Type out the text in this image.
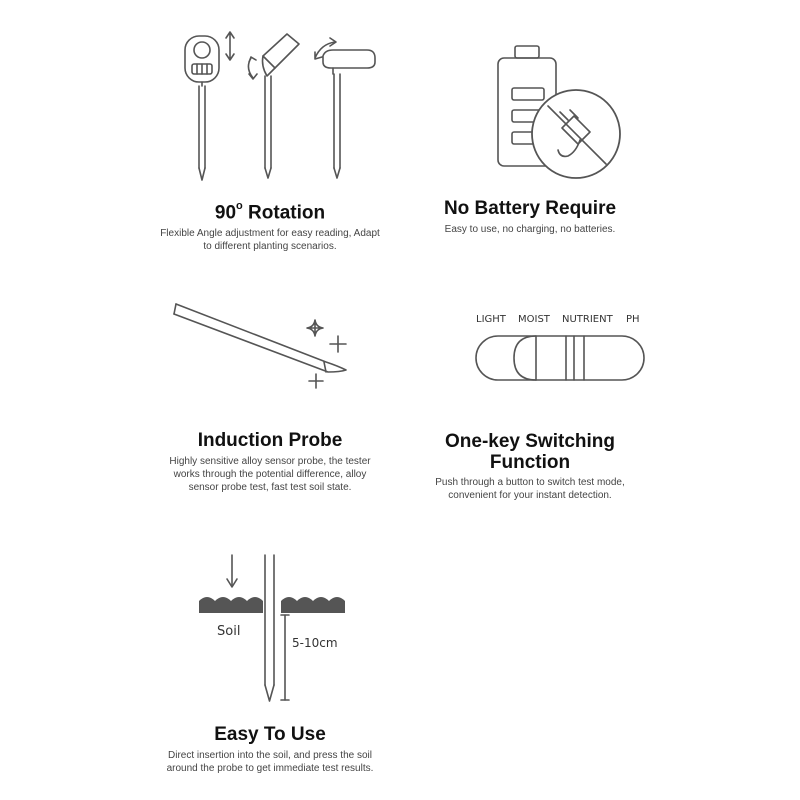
90$^o$ Rotation

Flexible Angle adjustment for easy reading, Adapt
to different planting scenarios.

No Battery Require

Easy to use, no charging, no batteries.

Induction Probe

Highly sensitive alloy sensor probe, the tester
works through the potential difference, alloy
sensor probe test, fast test soil state.

LIGHT MOIST NUTRIENT PH
One-key Switching
Function

Push through a button to switch test mode,
convenient for your instant detection.

Soil
5-10cm
Easy To Use

Direct insertion into the soil, and press the soil
around the probe to get immediate test results.
